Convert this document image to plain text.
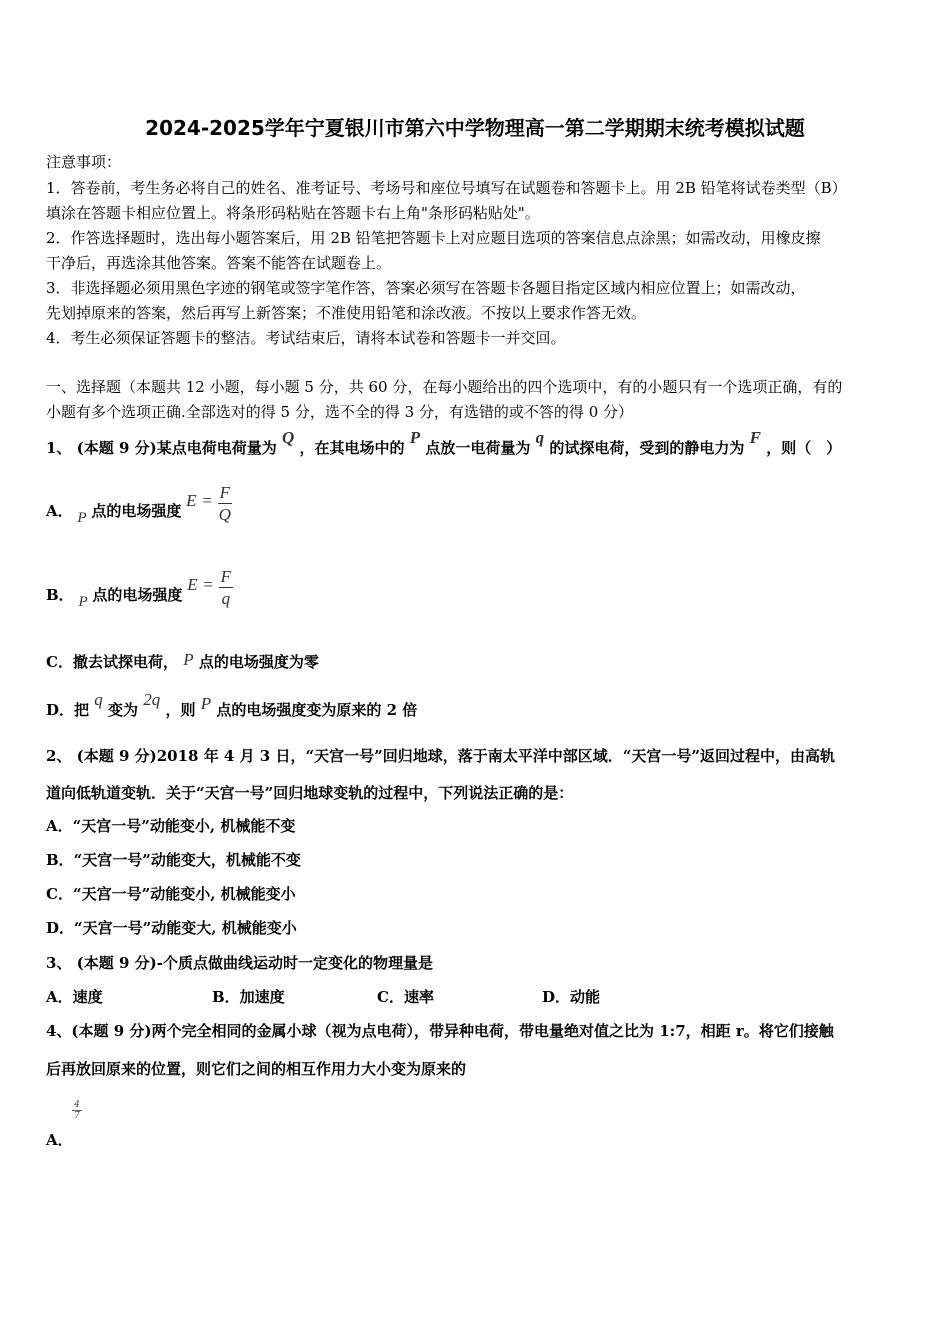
2024-2025学年宁夏银川市第六中学物理高一第二学期期末统考模拟试题
注意事项：
1．答卷前，考生务必将自己的姓名、准考证号、考场号和座位号填写在试题卷和答题卡上。用 2B 铅笔将试卷类型（B）
填涂在答题卡相应位置上。将条形码粘贴在答题卡右上角"条形码粘贴处"。
2．作答选择题时，选出每小题答案后，用 2B 铅笔把答题卡上对应题目选项的答案信息点涂黑；如需改动，用橡皮擦
干净后，再选涂其他答案。答案不能答在试题卷上。
3．非选择题必须用黑色字迹的钢笔或签字笔作答，答案必须写在答题卡各题目指定区域内相应位置上；如需改动，
先划掉原来的答案，然后再写上新答案；不准使用铅笔和涂改液。不按以上要求作答无效。
4．考生必须保证答题卡的整洁。考试结束后，请将本试卷和答题卡一并交回。
一、选择题（本题共 12 小题，每小题 5 分，共 60 分，在每小题给出的四个选项中，有的小题只有一个选项正确，有的
小题有多个选项正确.全部选对的得 5 分，选不全的得 3 分，有选错的或不答的得 0 分）
1、 (本题 9 分)某点电荷电荷量为 Q ，在其电场中的 P 点放一电荷量为 q 的试探电荷，受到的静电力为 F ，则（　）
A． P 点的电场强度 $E = \frac{F}{Q}$
B． P 点的电场强度 $E = \frac{F}{q}$
C．撤去试探电荷， P 点的电场强度为零
D．把 q 变为 2q ，则 P 点的电场强度变为原来的 2 倍
2、 (本题 9 分)2018 年 4 月 3 日，“天宫一号”回归地球，落于南太平洋中部区域．“天宫一号”返回过程中，由高轨
道向低轨道变轨．关于“天宫一号”回归地球变轨的过程中，下列说法正确的是：
A．“天宫一号”动能变小, 机械能不变
B．“天宫一号”动能变大，机械能不变
C．“天宫一号”动能变小, 机械能变小
D．“天宫一号”动能变大, 机械能变小
3、 (本题 9 分)-个质点做曲线运动时一定变化的物理量是
A．速度	B．加速度	C．速率	D．动能
4、(本题 9 分)两个完全相同的金属小球（视为点电荷），带异种电荷，带电量绝对值之比为 1:7，相距 r。将它们接触
后再放回原来的位置，则它们之间的相互作用力大小变为原来的
$\frac{4}{7}$
A．
